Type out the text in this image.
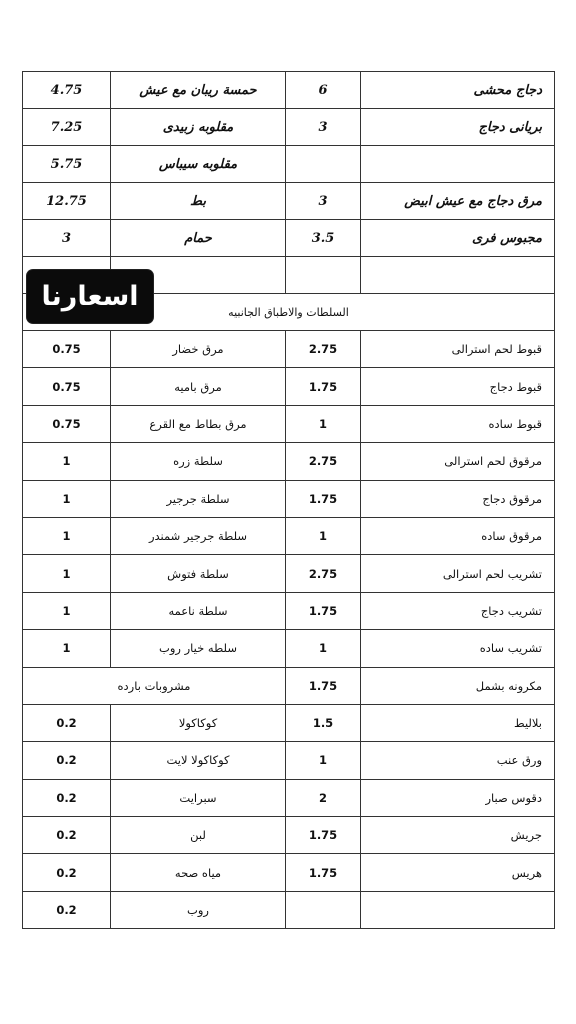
4.75	حمسة ريبان مع عيش	6	دجاج محشى
7.25	مقلوبه زبيدى	3	بريانى دجاج
5.75	مقلوبه سيباس		
12.75	بط	3	مرق دجاج مع عيش ابيض
3	حمام	3.5	مجبوس فرى

السلطات والاطباق الجانبيه			
0.75	مرق خضار	2.75	قبوط لحم استرالى
0.75	مرق باميه	1.75	قبوط دجاج
0.75	مرق بطاط مع القرع	1	قبوط ساده
1	سلطة زره	2.75	مرقوق لحم استرالى
1	سلطة جرجير	1.75	مرقوق دجاج
1	سلطة جرجير شمندر	1	مرقوق ساده
1	سلطة فتوش	2.75	تشريب لحم استرالى
1	سلطة ناعمه	1.75	تشريب دجاج
1	سلطه خيار روب	1	تشريب ساده
مشروبات بارده		1.75	مكرونه بشمل
0.2	كوكاكولا	1.5	بلاليط
0.2	كوكاكولا لايت	1	ورق عنب
0.2	سبرايت	2	دقوس صبار
0.2	لبن	1.75	جريش
0.2	مياه صحه	1.75	هريس
0.2	روب		
اسعارنا
